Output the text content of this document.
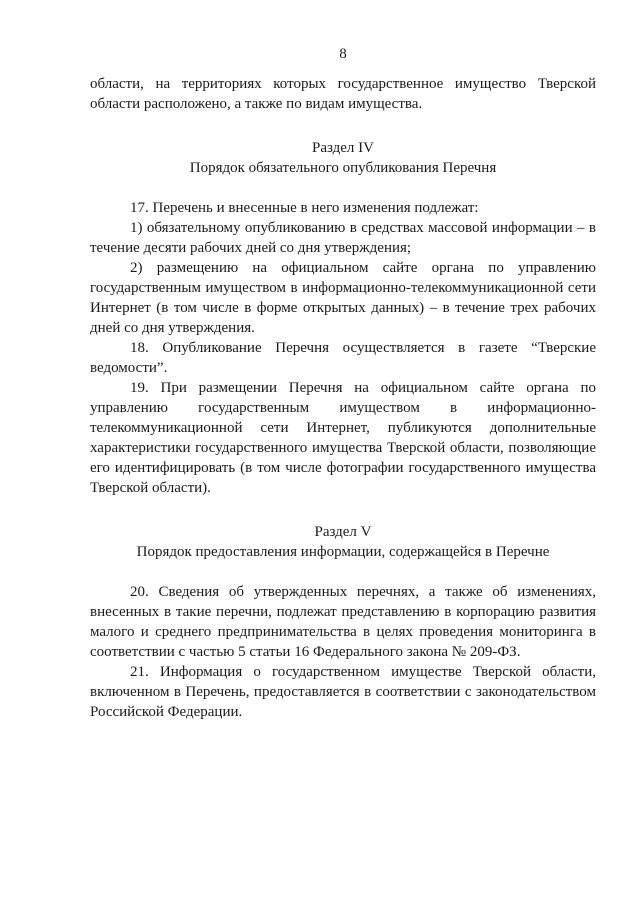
8

области, на территориях которых государственное имущество Тверской области расположено, а также по видам имущества.

Раздел IV

Порядок обязательного опубликования Перечня

17. Перечень и внесенные в него изменения подлежат:

1) обязательному опубликованию в средствах массовой информации – в течение десяти рабочих дней со дня утверждения;

2) размещению на официальном сайте органа по управлению государственным имуществом в информационно-телекоммуникационной сети Интернет (в том числе в форме открытых данных) – в течение трех рабочих дней со дня утверждения.

18. Опубликование Перечня осуществляется в газете “Тверские ведомости”.

19. При размещении Перечня на официальном сайте органа по управлению государственным имуществом в информационно-телекоммуникационной сети Интернет, публикуются дополнительные характеристики государственного имущества Тверской области, позволяющие его идентифицировать (в том числе фотографии государственного имущества Тверской области).

Раздел V

Порядок предоставления информации, содержащейся в Перечне

20. Сведения об утвержденных перечнях, а также об изменениях, внесенных в такие перечни, подлежат представлению в корпорацию развития малого и среднего предпринимательства в целях проведения мониторинга в соответствии с частью 5 статьи 16 Федерального закона № 209-ФЗ.

21. Информация о государственном имуществе Тверской области, включенном в Перечень, предоставляется в соответствии с законодательством Российской Федерации.
